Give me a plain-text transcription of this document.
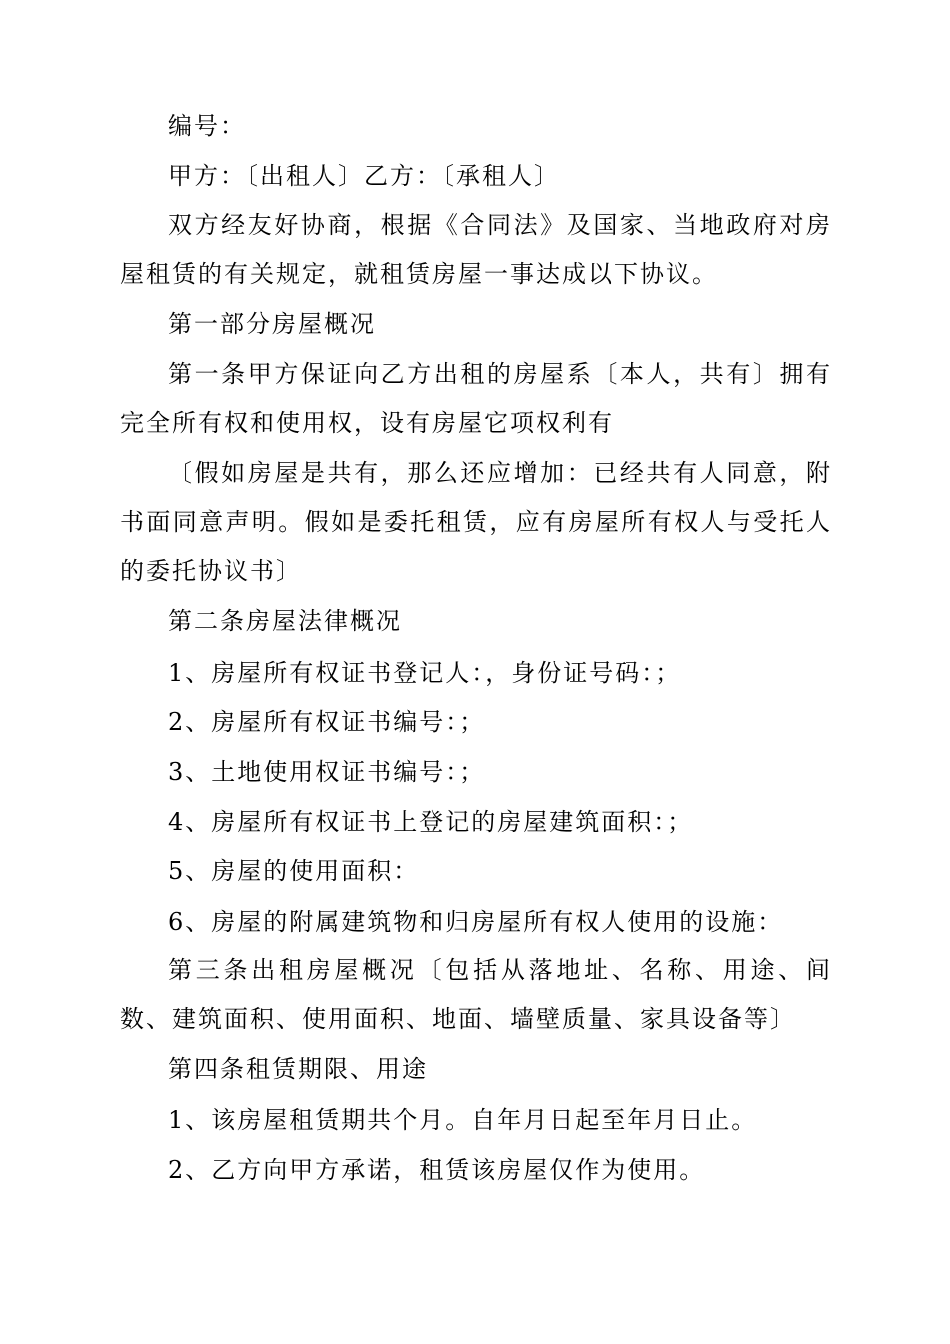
编号：
甲方：〔出租人〕乙方：〔承租人〕
双方经友好协商，根据《合同法》及国家、当地政府对房屋租赁的有关规定，就租赁房屋一事达成以下协议。
第一部分房屋概况
第一条甲方保证向乙方出租的房屋系〔本人，共有〕拥有完全所有权和使用权，设有房屋它项权利有
〔假如房屋是共有，那么还应增加：已经共有人同意，附书面同意声明。假如是委托租赁，应有房屋所有权人与受托人的委托协议书〕
第二条房屋法律概况
1、房屋所有权证书登记人：，身份证号码：；
2、房屋所有权证书编号：；
3、土地使用权证书编号：；
4、房屋所有权证书上登记的房屋建筑面积：；
5、房屋的使用面积：
6、房屋的附属建筑物和归房屋所有权人使用的设施：
第三条出租房屋概况〔包括从落地址、名称、用途、间数、建筑面积、使用面积、地面、墙壁质量、家具设备等〕
第四条租赁期限、用途
1、该房屋租赁期共个月。自年月日起至年月日止。
2、乙方向甲方承诺，租赁该房屋仅作为使用。
